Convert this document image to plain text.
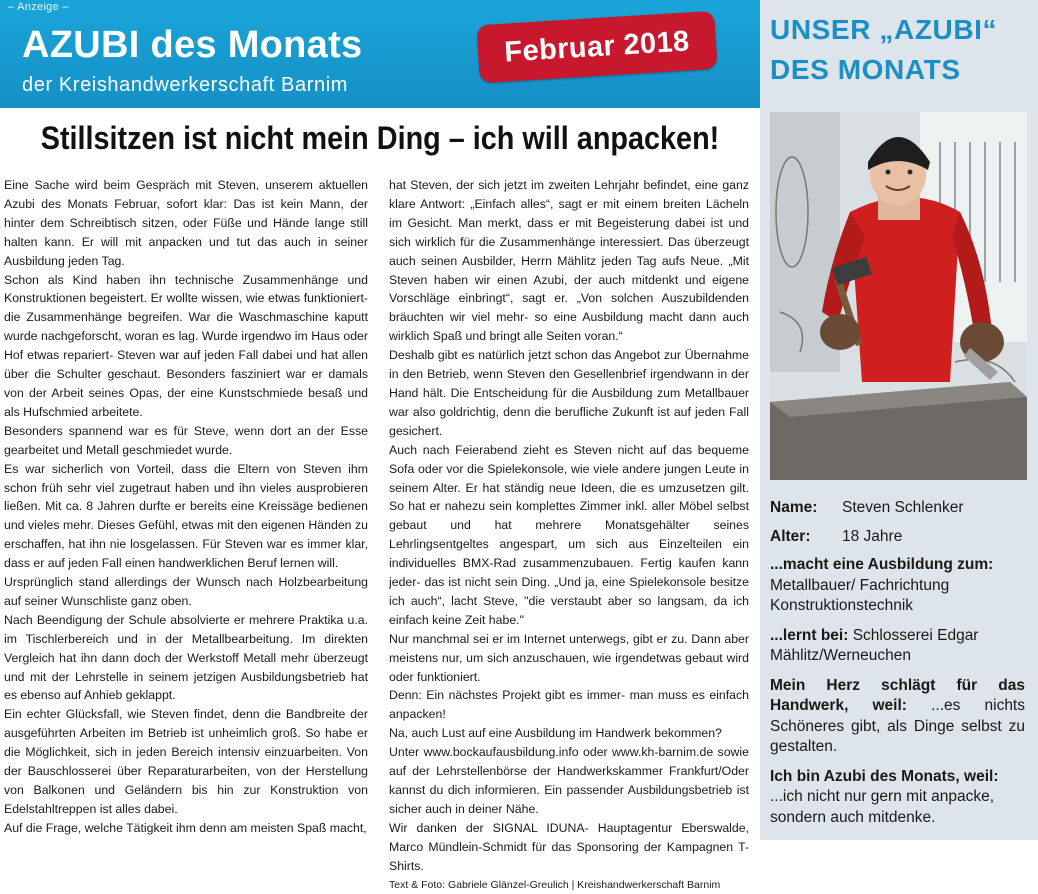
– Anzeige –
AZUBI des Monats
der Kreishandwerkerschaft Barnim
Februar 2018
Stillsitzen ist nicht mein Ding – ich will anpacken!

Eine Sache wird beim Gespräch mit Steven, unserem aktuellen Azubi des Monats Februar, sofort klar: Das ist kein Mann, der hinter dem Schreibtisch sitzen, oder Füße und Hände lange still halten kann. Er will mit anpacken und tut das auch in seiner Ausbildung jeden Tag.

Schon als Kind haben ihn technische Zusammenhänge und Konstruktionen begeistert. Er wollte wissen, wie etwas funktioniert- die Zusammenhänge begreifen. War die Waschmaschine kaputt wurde nachgeforscht, woran es lag. Wurde irgendwo im Haus oder Hof etwas repariert- Steven war auf jeden Fall dabei und hat allen über die Schulter geschaut. Besonders fasziniert war er damals von der Arbeit seines Opas, der eine Kunstschmiede besaß und als Hufschmied arbeitete.

Besonders spannend war es für Steve, wenn dort an der Esse gearbeitet und Metall geschmiedet wurde.

Es war sicherlich von Vorteil, dass die Eltern von Steven ihm schon früh sehr viel zugetraut haben und ihn vieles ausprobieren ließen. Mit ca. 8 Jahren durfte er bereits eine Kreissäge bedienen und vieles mehr. Dieses Gefühl, etwas mit den eigenen Händen zu erschaffen, hat ihn nie losgelassen. Für Steven war es immer klar, dass er auf jeden Fall einen handwerklichen Beruf lernen will.

Ursprünglich stand allerdings der Wunsch nach Holzbearbeitung auf seiner Wunschliste ganz oben.

Nach Beendigung der Schule absolvierte er mehrere Praktika u.a. im Tischlerbereich und in der Metallbearbeitung. Im direkten Vergleich hat ihn dann doch der Werkstoff Metall mehr überzeugt und mit der Lehrstelle in seinem jetzigen Ausbildungsbetrieb hat es ebenso auf Anhieb geklappt.

Ein echter Glücksfall, wie Steven findet, denn die Bandbreite der ausgeführten Arbeiten im Betrieb ist unheimlich groß. So habe er die Möglichkeit, sich in jeden Bereich intensiv einzuarbeiten. Von der Bauschlosserei über Reparaturarbeiten, von der Herstellung von Balkonen und Geländern bis hin zur Konstruktion von Edelstahltreppen ist alles dabei.

Auf die Frage, welche Tätigkeit ihm denn am meisten Spaß macht,

hat Steven, der sich jetzt im zweiten Lehrjahr befindet, eine ganz klare Antwort: „Einfach alles“, sagt er mit einem breiten Lächeln im Gesicht. Man merkt, dass er mit Begeisterung dabei ist und sich wirklich für die Zusammenhänge interessiert. Das überzeugt auch seinen Ausbilder, Herrn Mählitz jeden Tag aufs Neue. „Mit Steven haben wir einen Azubi, der auch mitdenkt und eigene Vorschläge einbringt“, sagt er. „Von solchen Auszubildenden bräuchten wir viel mehr- so eine Ausbildung macht dann auch wirklich Spaß und bringt alle Seiten voran.“

Deshalb gibt es natürlich jetzt schon das Angebot zur Übernahme in den Betrieb, wenn Steven den Gesellenbrief irgendwann in der Hand hält. Die Entscheidung für die Ausbildung zum Metallbauer war also goldrichtig, denn die berufliche Zukunft ist auf jeden Fall gesichert.

Auch nach Feierabend zieht es Steven nicht auf das bequeme Sofa oder vor die Spielekonsole, wie viele andere jungen Leute in seinem Alter. Er hat ständig neue Ideen, die es umzusetzen gilt. So hat er nahezu sein komplettes Zimmer inkl. aller Möbel selbst gebaut und hat mehrere Monatsgehälter seines Lehrlingsentgeltes angespart, um sich aus Einzelteilen ein individuelles BMX-Rad zusammenzubauen. Fertig kaufen kann jeder- das ist nicht sein Ding. „Und ja, eine Spielekonsole besitze ich auch“, lacht Steve, "die verstaubt aber so langsam, da ich einfach keine Zeit habe."

Nur manchmal sei er im Internet unterwegs, gibt er zu. Dann aber meistens nur, um sich anzuschauen, wie irgendetwas gebaut wird oder funktioniert.

Denn: Ein nächstes Projekt gibt es immer- man muss es einfach anpacken!

Na, auch Lust auf eine Ausbildung im Handwerk bekommen?

Unter www.bockaufausbildung.info oder www.kh-barnim.de sowie auf der Lehrstellenbörse der Handwerkskammer Frankfurt/Oder kannst du dich informieren. Ein passender Ausbildungsbetrieb ist sicher auch in deiner Nähe.

Wir danken der SIGNAL IDUNA- Hauptagentur Eberswalde, Marco Mündlein-Schmidt für das Sponsoring der Kampagnen T-Shirts.

Text & Foto: Gabriele Glänzel-Greulich | Kreishandwerkerschaft Barnim

UNSER „AZUBI“
DES MONATS
Name:	Steven Schlenker
Alter:	18 Jahre
...macht eine Ausbildung zum:
Metallbauer/ Fachrichtung Konstruktionstechnik
...lernt bei: Schlosserei Edgar Mählitz/Werneuchen
Mein Herz schlägt für das Handwerk, weil: ...es nichts Schöneres gibt, als Dinge selbst zu gestalten.
Ich bin Azubi des Monats, weil:
...ich nicht nur gern mit anpacke, sondern auch mitdenke.
